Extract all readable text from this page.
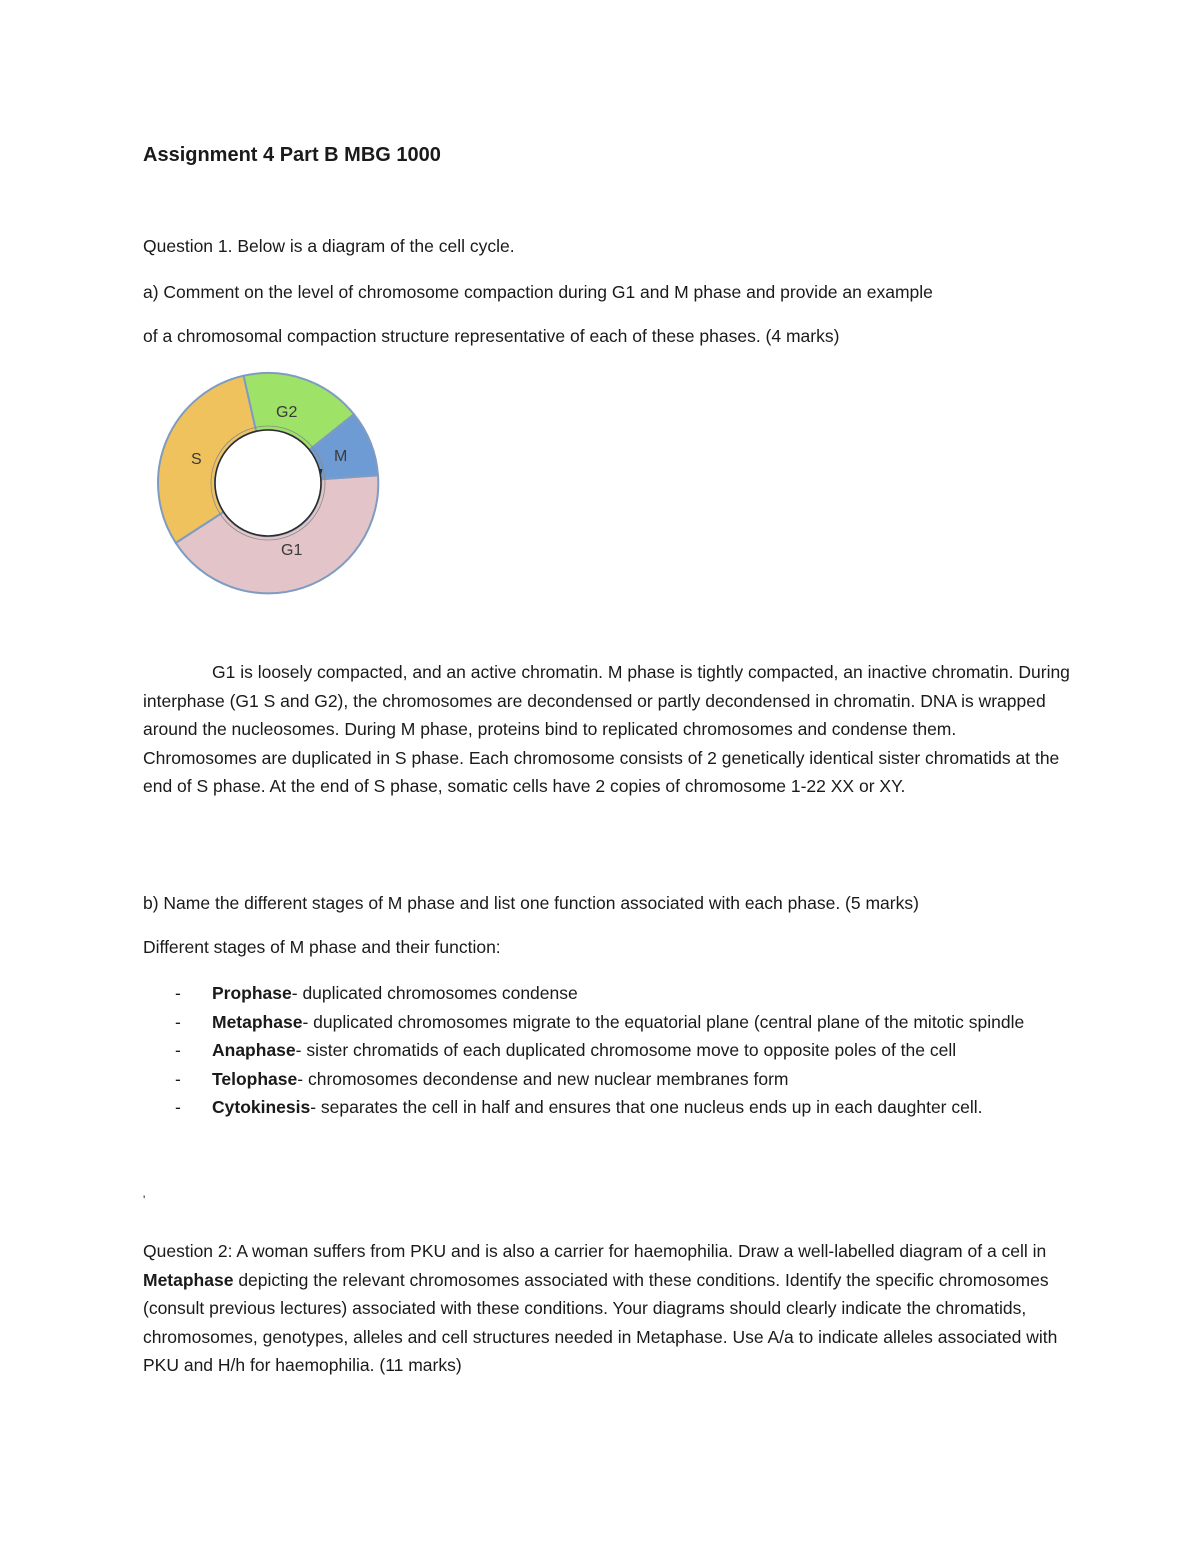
Assignment 4 Part B MBG 1000
Question 1. Below is a diagram of the cell cycle.
a) Comment on the level of chromosome compaction during G1 and M phase and provide an example
of a chromosomal compaction structure representative of each of these phases. (4 marks)
G2
S	M
G1

G1 is loosely compacted, and an active chromatin. M phase is tightly compacted, an inactive chromatin. During interphase (G1 S and G2), the chromosomes are decondensed or partly decondensed in chromatin. DNA is wrapped around the nucleosomes. During M phase, proteins bind to replicated chromosomes and condense them. Chromosomes are duplicated in S phase. Each chromosome consists of 2 genetically identical sister chromatids at the end of S phase. At the end of S phase, somatic cells have 2 copies of chromosome 1-22 XX or XY.

b) Name the different stages of M phase and list one function associated with each phase. (5 marks)
Different stages of M phase and their function:
- Prophase- duplicated chromosomes condense
- Metaphase- duplicated chromosomes migrate to the equatorial plane (central plane of the mitotic spindle
- Anaphase- sister chromatids of each duplicated chromosome move to opposite poles of the cell
- Telophase- chromosomes decondense and new nuclear membranes form
- Cytokinesis- separates the cell in half and ensures that one nucleus ends up in each daughter cell.
'

Question 2: A woman suffers from PKU and is also a carrier for haemophilia. Draw a well-labelled diagram of a cell in Metaphase depicting the relevant chromosomes associated with these conditions. Identify the specific chromosomes (consult previous lectures) associated with these conditions. Your diagrams should clearly indicate the chromatids, chromosomes, genotypes, alleles and cell structures needed in Metaphase. Use A/a to indicate alleles associated with PKU and H/h for haemophilia. (11 marks)
